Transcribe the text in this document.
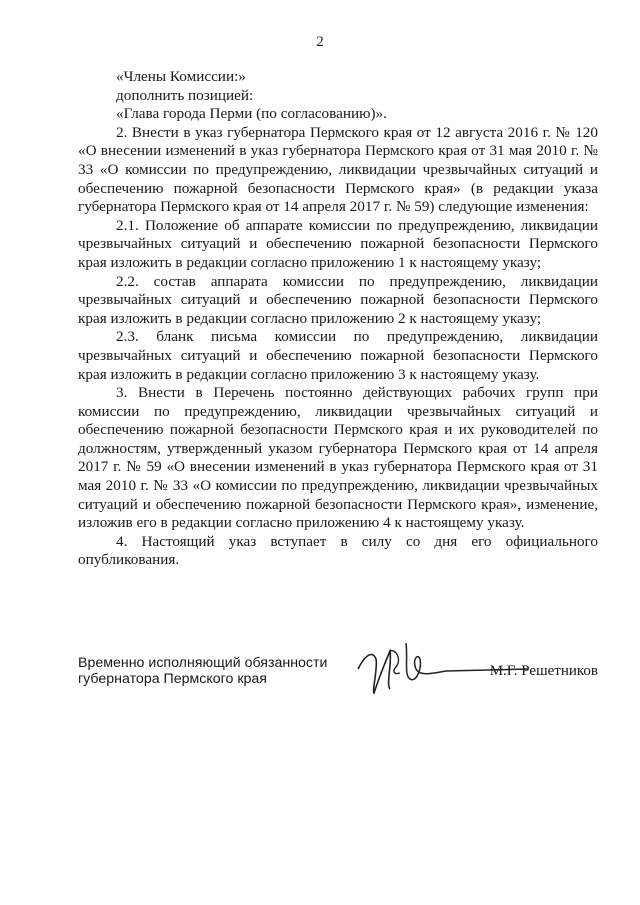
2

«Члены Комиссии:»

дополнить позицией:

«Глава города Перми (по согласованию)».

2. Внести в указ губернатора Пермского края от 12 августа 2016 г. № 120 «О внесении изменений в указ губернатора Пермского края от 31 мая 2010 г. № 33 «О комиссии по предупреждению, ликвидации чрезвычайных ситуаций и обеспечению пожарной безопасности Пермского края» (в редакции указа губернатора Пермского края от 14 апреля 2017 г. № 59) следующие изменения:

2.1. Положение об аппарате комиссии по предупреждению, ликвидации чрезвычайных ситуаций и обеспечению пожарной безопасности Пермского края изложить в редакции согласно приложению 1 к настоящему указу;

2.2. состав аппарата комиссии по предупреждению, ликвидации чрезвычайных ситуаций и обеспечению пожарной безопасности Пермского края изложить в редакции согласно приложению 2 к настоящему указу;

2.3. бланк письма комиссии по предупреждению, ликвидации чрезвычайных ситуаций и обеспечению пожарной безопасности Пермского края изложить в редакции согласно приложению 3 к настоящему указу.

3. Внести в Перечень постоянно действующих рабочих групп при комиссии по предупреждению, ликвидации чрезвычайных ситуаций и обеспечению пожарной безопасности Пермского края и их руководителей по должностям, утвержденный указом губернатора Пермского края от 14 апреля 2017 г. № 59 «О внесении изменений в указ губернатора Пермского края от 31 мая 2010 г. № 33 «О комиссии по предупреждению, ликвидации чрезвычайных ситуаций и обеспечению пожарной безопасности Пермского края», изменение, изложив его в редакции согласно приложению 4 к настоящему указу.

4. Настоящий указ вступает в силу со дня его официального опубликования.

Временно исполняющий обязанности
губернатора Пермского края	М.Г. Решетников
